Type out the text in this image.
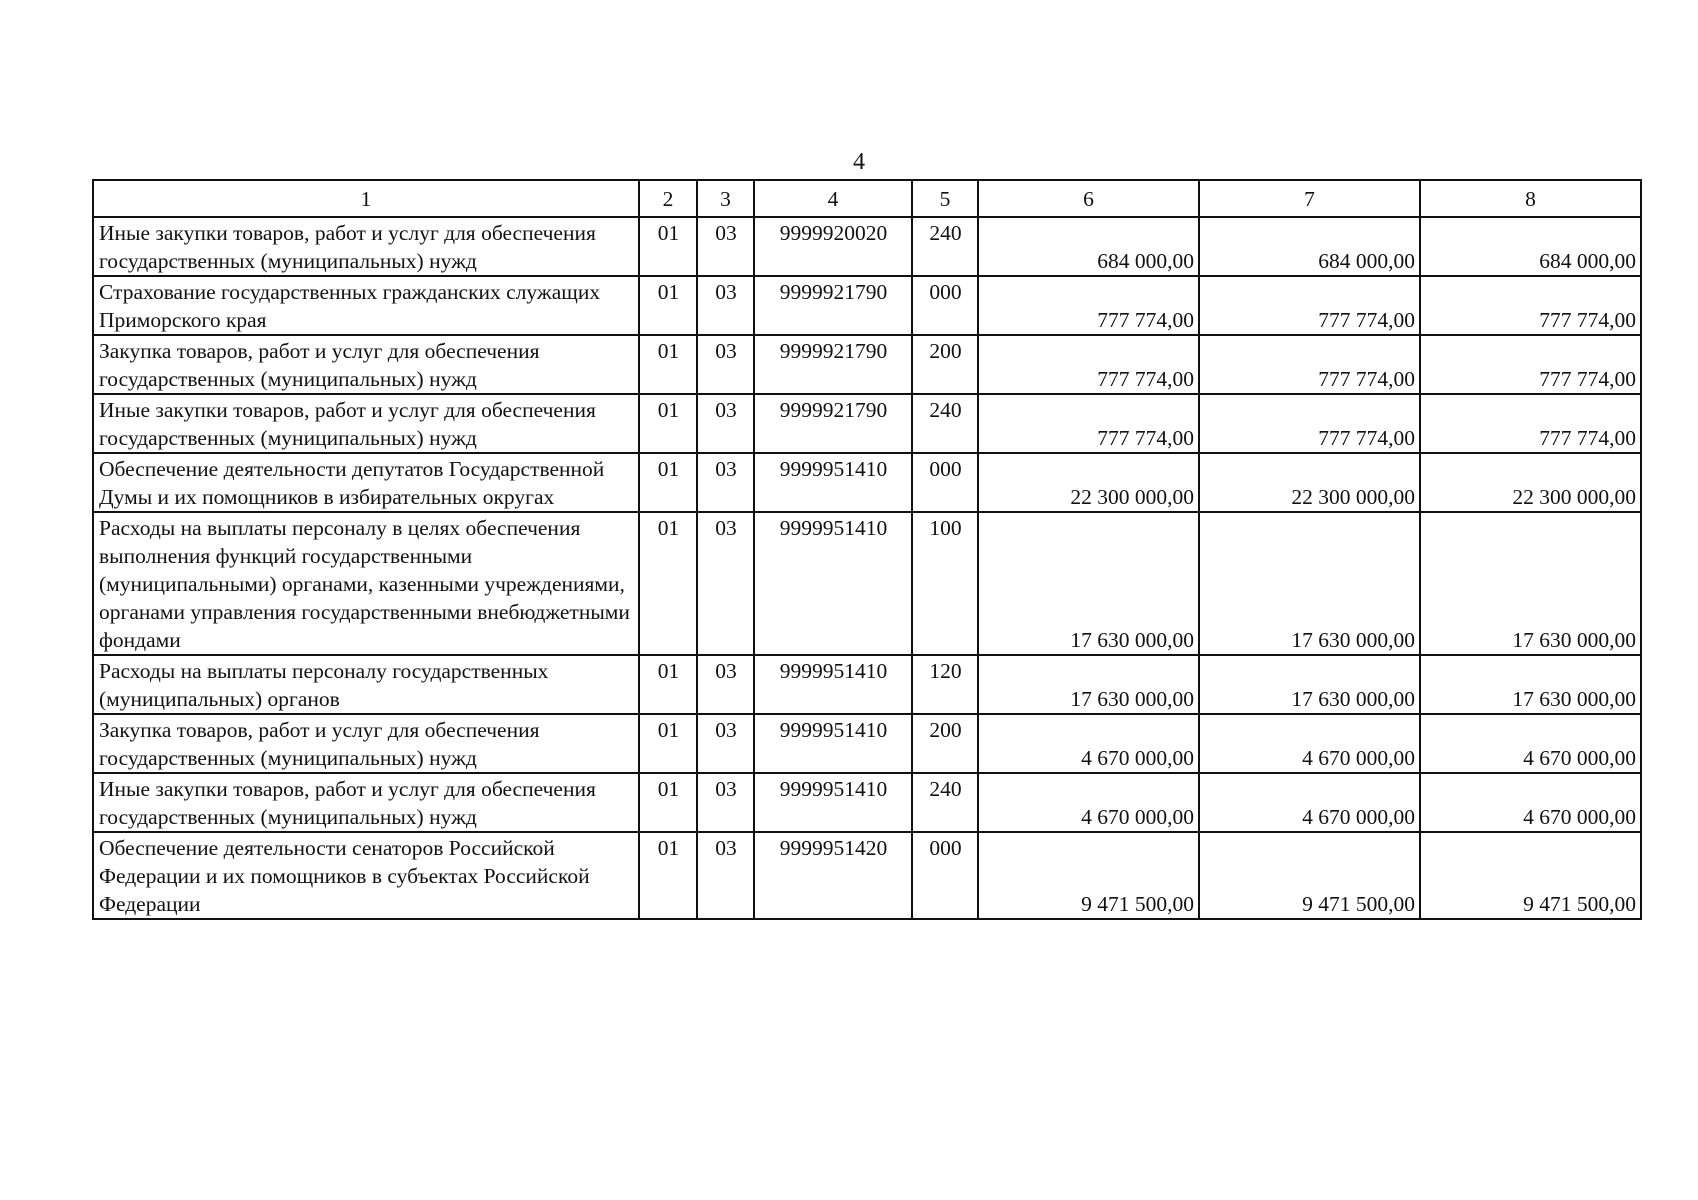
4
1	2	3	4	5	6	7	8
Иные закупки товаров, работ и услуг для обеспечения государственных (муниципальных) нужд	01	03	9999920020	240	684 000,00	684 000,00	684 000,00
Страхование государственных гражданских служащих Приморского края	01	03	9999921790	000	777 774,00	777 774,00	777 774,00
Закупка товаров, работ и услуг для обеспечения государственных (муниципальных) нужд	01	03	9999921790	200	777 774,00	777 774,00	777 774,00
Иные закупки товаров, работ и услуг для обеспечения государственных (муниципальных) нужд	01	03	9999921790	240	777 774,00	777 774,00	777 774,00
Обеспечение деятельности депутатов Государственной Думы и их помощников в избирательных округах	01	03	9999951410	000	22 300 000,00	22 300 000,00	22 300 000,00
Расходы на выплаты персоналу в целях обеспечения выполнения функций государственными (муниципальными) органами, казенными учреждениями, органами управления государственными внебюджетными фондами	01	03	9999951410	100	17 630 000,00	17 630 000,00	17 630 000,00
Расходы на выплаты персоналу государственных (муниципальных) органов	01	03	9999951410	120	17 630 000,00	17 630 000,00	17 630 000,00
Закупка товаров, работ и услуг для обеспечения государственных (муниципальных) нужд	01	03	9999951410	200	4 670 000,00	4 670 000,00	4 670 000,00
Иные закупки товаров, работ и услуг для обеспечения государственных (муниципальных) нужд	01	03	9999951410	240	4 670 000,00	4 670 000,00	4 670 000,00
Обеспечение деятельности сенаторов Российской Федерации и их помощников в субъектах Российской Федерации	01	03	9999951420	000	9 471 500,00	9 471 500,00	9 471 500,00
